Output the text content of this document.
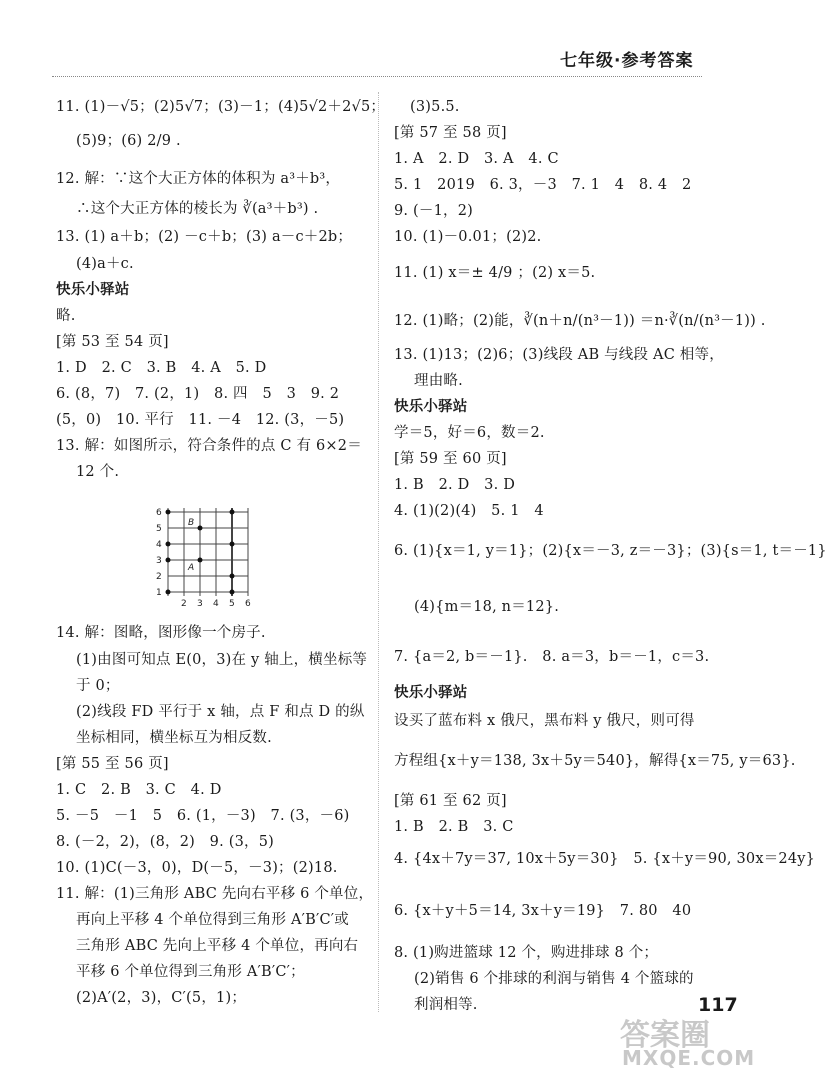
七年级·参考答案
11. (1)－√5；(2)5√7；(3)－1；(4)5√2＋2√5；
(5)9；(6) 2/9 .
12. 解：∵这个大正方体的体积为 a³＋b³，
∴这个大正方体的棱长为 ∛(a³＋b³) .
13. (1) a＋b；(2) －c＋b；(3) a－c＋2b；
(4)a＋c.
快乐小驿站
略.
[第 53 至 54 页]
1. D　2. C　3. B　4. A　5. D
6. (8，7)　7. (2，1)　8. 四　5　3　9. 2
(5，0)　10. 平行　11. －4　12. (3，－5)
13. 解：如图所示，符合条件的点 C 有 6×2＝
12 个.
6
5
4
3
2
1
2 3 4 5 6
B
A
14. 解：图略，图形像一个房子.
(1)由图可知点 E(0，3)在 y 轴上，横坐标等
于 0；
(2)线段 FD 平行于 x 轴，点 F 和点 D 的纵
坐标相同，横坐标互为相反数.
[第 55 至 56 页]
1. C　2. B　3. C　4. D
5. －5　－1　5　6. (1，－3)　7. (3，－6)
8. (－2，2)，(8，2)　9. (3，5)
10. (1)C(－3，0)，D(－5，－3)；(2)18.
11. 解：(1)三角形 ABC 先向右平移 6 个单位，
再向上平移 4 个单位得到三角形 A′B′C′或
三角形 ABC 先向上平移 4 个单位，再向右
平移 6 个单位得到三角形 A′B′C′；
(2)A′(2，3)，C′(5，1)；
(3)5.5.
[第 57 至 58 页]
1. A　2. D　3. A　4. C
5. 1　2019　6. 3，－3　7. 1　4　8. 4　2
9. (－1，2)
10. (1)－0.01；(2)2.
11. (1) x＝± 4/9 ；(2) x＝5.
12. (1)略；(2)能，∛(n＋n/(n³－1)) ＝n·∛(n/(n³－1)) .
13. (1)13；(2)6；(3)线段 AB 与线段 AC 相等，
理由略.
快乐小驿站
学＝5，好＝6，数＝2.
[第 59 至 60 页]
1. B　2. D　3. D
4. (1)(2)(4)　5. 1　4
6. (1){x＝1, y＝1}；(2){x＝－3, z＝－3}；(3){s＝1, t＝－1}
(4){m＝18, n＝12}.
7. {a＝2, b＝－1}.　8. a＝3，b＝－1，c＝3.
快乐小驿站
设买了蓝布料 x 俄尺，黑布料 y 俄尺，则可得
方程组{x＋y＝138, 3x＋5y＝540}，解得{x＝75, y＝63}.
[第 61 至 62 页]
1. B　2. B　3. C
4. {4x＋7y＝37, 10x＋5y＝30}　5. {x＋y＝90, 30x＝24y}
6. {x＋y＋5＝14, 3x＋y＝19}　7. 80　40
8. (1)购进篮球 12 个，购进排球 8 个；
(2)销售 6 个排球的利润与销售 4 个篮球的
利润相等.	117
答案圈
MXQE.COM
